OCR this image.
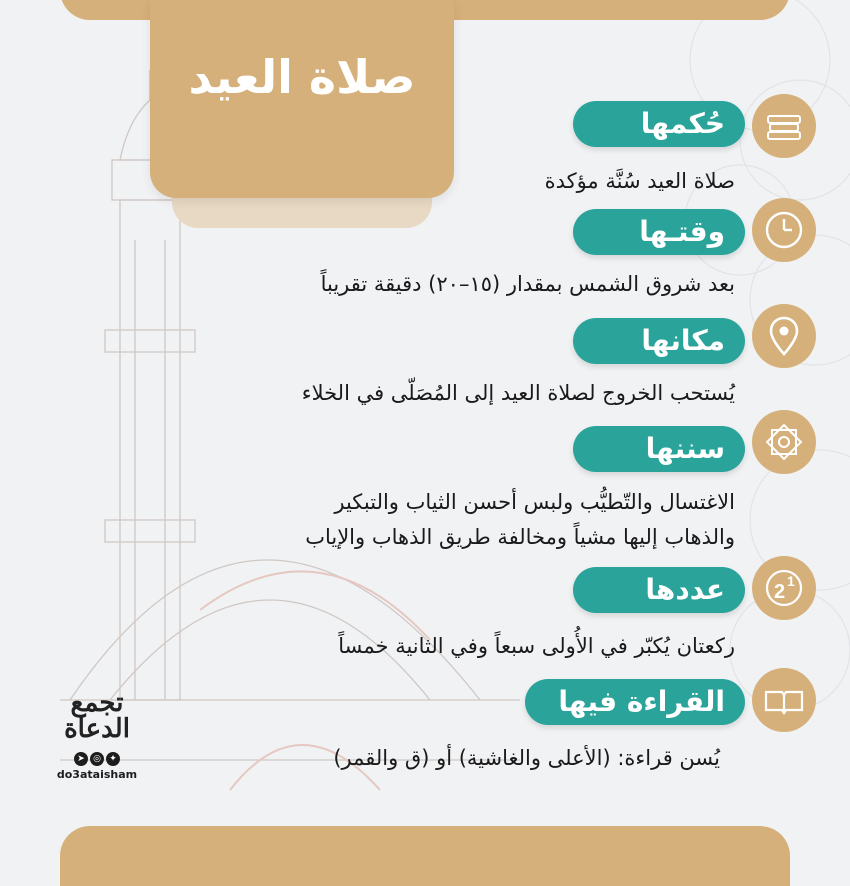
صلاة العيد
حُكمها
صلاة العيد سُنَّة مؤكدة
وقتـها
بعد شروق الشمس بمقدار (١٥–٢٠) دقيقة تقريباً
مكانها
يُستحب الخروج لصلاة العيد إلى المُصَلّى في الخلاء
سننها
الاغتسال والتّطيُّب ولبس أحسن الثياب والتبكير
والذهاب إليها مشياً ومخالفة طريق الذهاب والإياب
2 1
عددها
ركعتان يُكبّر في الأُولى سبعاً وفي الثانية خمساً
القراءة فيها
يُسن قراءة: (الأعلى والغاشية) أو (ق والقمر)
تجمع الدعاة
➤ ◎ ✦
do3ataisham
